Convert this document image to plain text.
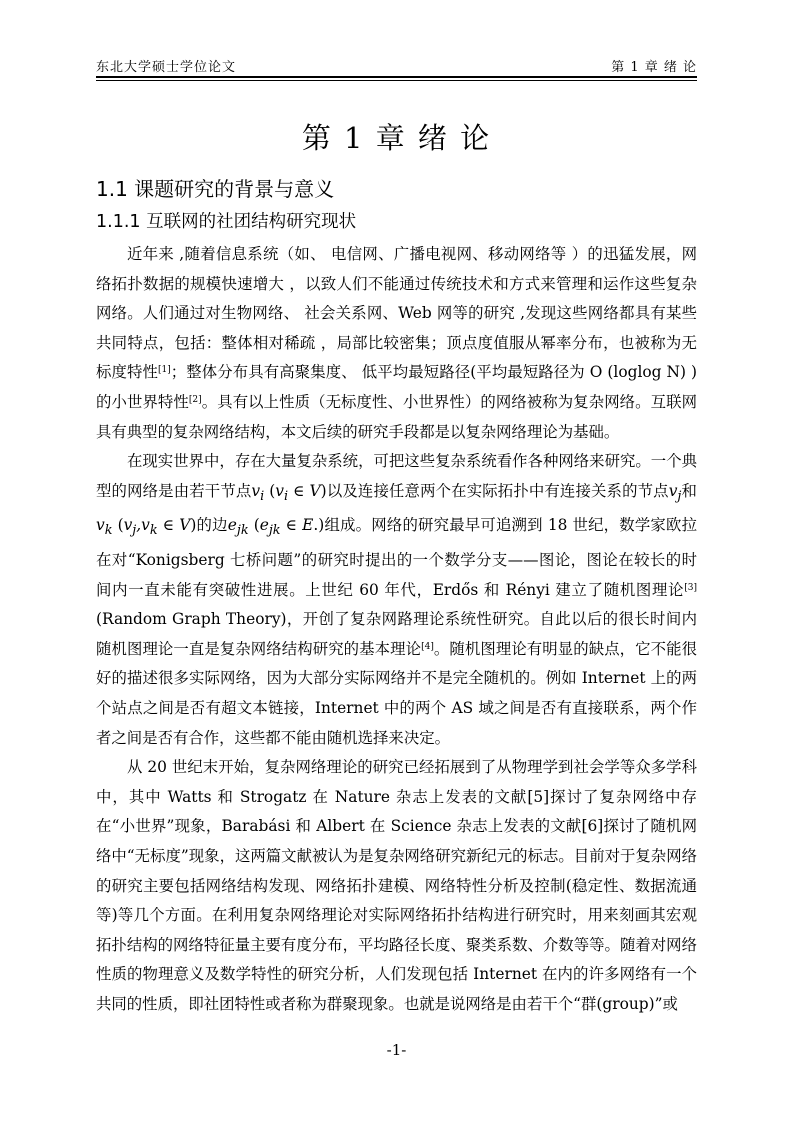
东北大学硕士学位论文	第 1 章 绪 论
第 1 章 绪 论
1.1 课题研究的背景与意义
1.1.1 互联网的社团结构研究现状

近年来 ,随着信息系统（如、 电信网、广播电视网、移动网络等 ）的迅猛发展，网络拓扑数据的规模快速增大 ，以致人们不能通过传统技术和方式来管理和运作这些复杂网络。人们通过对生物网络、 社会关系网、Web 网等的研究 ,发现这些网络都具有某些共同特点，包括：整体相对稀疏 ，局部比较密集；顶点度值服从幂率分布，也被称为无标度特性[1]；整体分布具有高聚集度、 低平均最短路径(平均最短路径为 O (loglog N) ) 的小世界特性[2]。具有以上性质（无标度性、小世界性）的网络被称为复杂网络。互联网具有典型的复杂网络结构，本文后续的研究手段都是以复杂网络理论为基础。

在现实世界中，存在大量复杂系统，可把这些复杂系统看作各种网络来研究。一个典型的网络是由若干节点$v_i$ ($v_i$ ∈ V)以及连接任意两个在实际拓扑中有连接关系的节点$v_j$和$v_k$ ($v_j,v_k$ ∈ V)的边$e_{jk}$ ($e_{jk}$ ∈ E.)组成。网络的研究最早可追溯到 18 世纪，数学家欧拉在对“Konigsberg 七桥问题”的研究时提出的一个数学分支——图论，图论在较长的时间内一直未能有突破性进展。上世纪 60 年代，Erdős 和 Rényi 建立了随机图理论[3](Random Graph Theory)，开创了复杂网路理论系统性研究。自此以后的很长时间内随机图理论一直是复杂网络结构研究的基本理论[4]。随机图理论有明显的缺点，它不能很好的描述很多实际网络，因为大部分实际网络并不是完全随机的。例如 Internet 上的两个站点之间是否有超文本链接，Internet 中的两个 AS 域之间是否有直接联系，两个作者之间是否有合作，这些都不能由随机选择来决定。

从 20 世纪末开始，复杂网络理论的研究已经拓展到了从物理学到社会学等众多学科中，其中 Watts 和 Strogatz 在 Nature 杂志上发表的文献[5]探讨了复杂网络中存在“小世界”现象，Barabási 和 Albert 在 Science 杂志上发表的文献[6]探讨了随机网络中“无标度”现象，这两篇文献被认为是复杂网络研究新纪元的标志。目前对于复杂网络的研究主要包括网络结构发现、网络拓扑建模、网络特性分析及控制(稳定性、数据流通等)等几个方面。在利用复杂网络理论对实际网络拓扑结构进行研究时，用来刻画其宏观拓扑结构的网络特征量主要有度分布，平均路径长度、聚类系数、介数等等。随着对网络性质的物理意义及数学特性的研究分析，人们发现包括 Internet 在内的许多网络有一个共同的性质，即社团特性或者称为群聚现象。也就是说网络是由若干个“群(group)”或

-1-
